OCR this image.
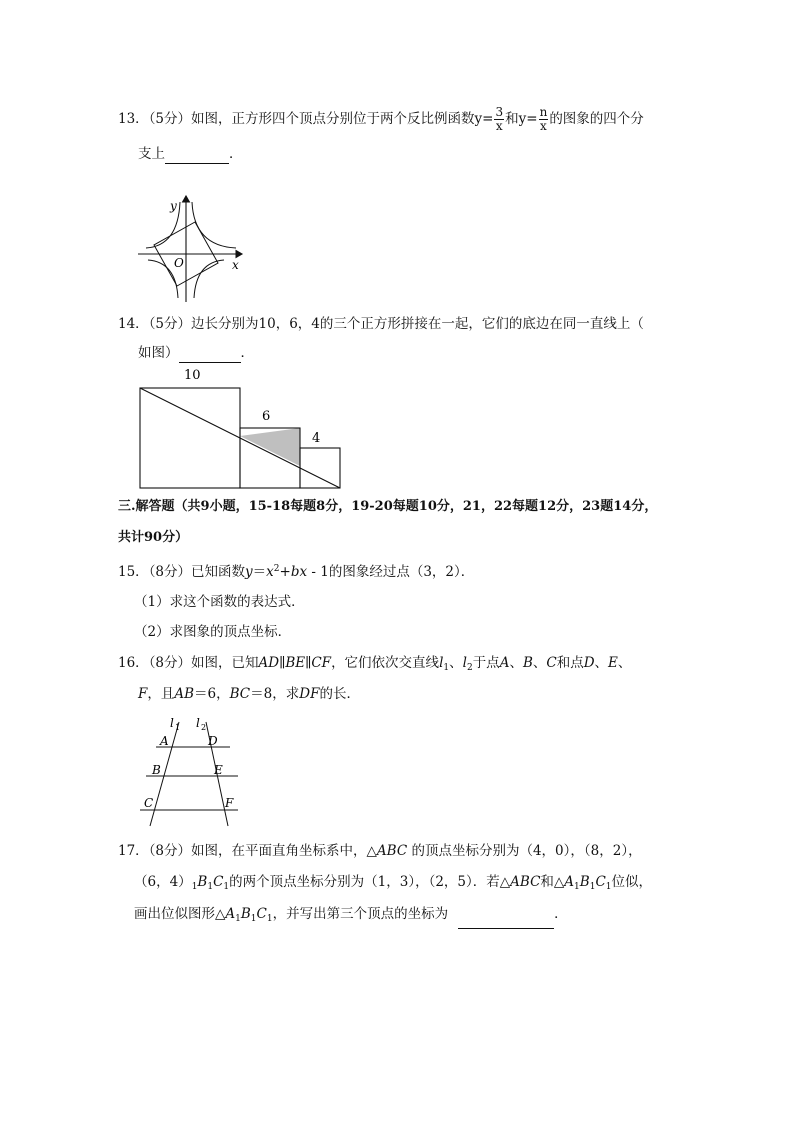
13．（5分）如图，正方形四个顶点分别位于两个反比例函数$y= \frac{3}{x}$ 和$y= \frac{n}{x}$ 的图象的四个分
支上	．
y
x
O
14．（5分）边长分别为10，6，4的三个正方形拼接在一起，它们的底边在同一直线上（
如图）	．
10
6
4
三.解答题（共9小题，15-18每题8分，19-20每题10分，21，22每题12分，23题14分，
共计90分）
15．（8分）已知函数$y=x^2+bx - 1$的图象经过点（3，2）．
（1）求这个函数的表达式．
（2）求图象的顶点坐标．
16．（8分）如图，已知AD∥BE∥CF，它们依次交直线$l_1$、$l_2$于点A、B、C和点D、E、
F，且AB＝6，BC＝8，求DF的长．
l 1 l 2
A	D
B	E
C	F
17．（8分）如图，在平面直角坐标系中，△ABC 的顶点坐标分别为（4，0），（8，2），
（6，$4)_1B_1C_1$的两个顶点坐标分别为（1，3），（2，5）．若△ABC和$\triangle A_1B_1C_1$位似，
画出位似图形$\triangle A_1B_1C_1$，并写出第三个顶点的坐标为	．
